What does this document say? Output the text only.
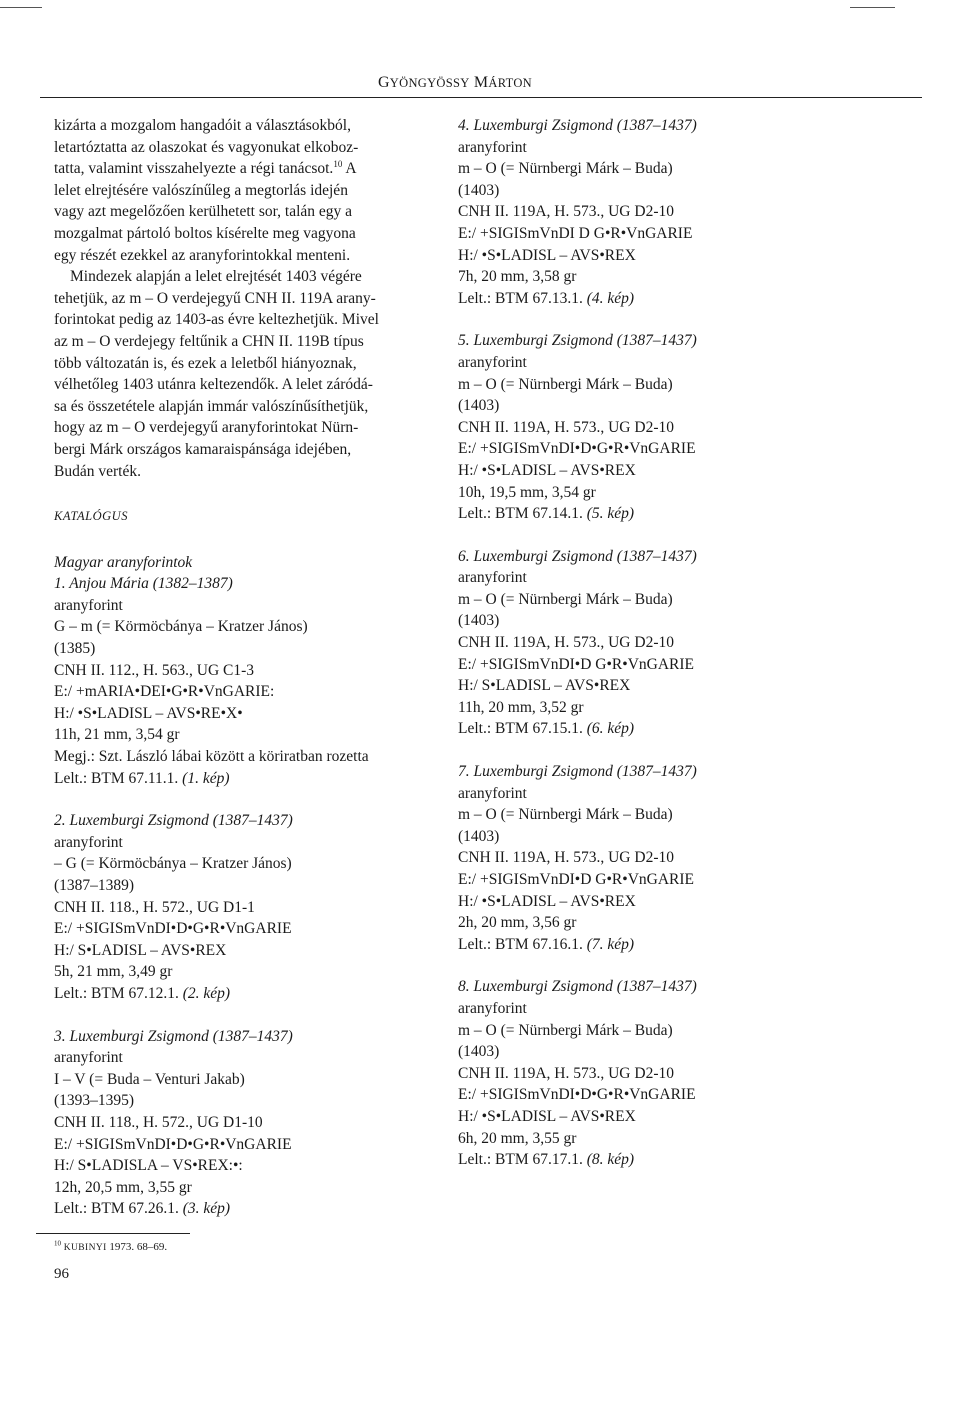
GYÖNGYÖSSY MÁRTON
kizárta a mozgalom hangadóit a választásokból,
letartóztatta az olaszokat és vagyonukat elkoboz-
tatta, valamint visszahelyezte a régi tanácsot.$^{10}$ A
lelet elrejtésére valószínűleg a megtorlás idején
vagy azt megelőzően kerülhetett sor, talán egy a
mozgalmat pártoló boltos kísérelte meg vagyona
egy részét ezekkel az aranyforintokkal menteni.
Mindezek alapján a lelet elrejtését 1403 végére
tehetjük, az m – O verdejegyű CNH II. 119A arany-
forintokat pedig az 1403-as évre keltezhetjük. Mivel
az m – O verdejegy feltűnik a CHN II. 119B típus
több változatán is, és ezek a leletből hiányoznak,
vélhetőleg 1403 utánra keltezendők. A lelet záródá-
sa és összetétele alapján immár valószínűsíthetjük,
hogy az m – O verdejegyű aranyforintokat Nürn-
bergi Márk országos kamaraispánsága idejében,
Budán verték.
KATALÓGUS
Magyar aranyforintok
1. Anjou Mária (1382–1387)
aranyforint
G – m (= Körmöcbánya – Kratzer János)
(1385)
CNH II. 112., H. 563., UG C1-3
E:/ +mARIA•DEI•G•R•VnGARIE:
H:/ •S•LADISL – AVS•RE•X•
11h, 21 mm, 3,54 gr
Megj.: Szt. László lábai között a köriratban rozetta
Lelt.: BTM 67.11.1. (1. kép)
2. Luxemburgi Zsigmond (1387–1437)
aranyforint
– G (= Körmöcbánya – Kratzer János)
(1387–1389)
CNH II. 118., H. 572., UG D1-1
E:/ +SIGISmVnDI•D•G•R•VnGARIE
H:/ S•LADISL – AVS•REX
5h, 21 mm, 3,49 gr
Lelt.: BTM 67.12.1. (2. kép)
3. Luxemburgi Zsigmond (1387–1437)
aranyforint
I – V (= Buda – Venturi Jakab)
(1393–1395)
CNH II. 118., H. 572., UG D1-10
E:/ +SIGISmVnDI•D•G•R•VnGARIE
H:/ S•LADISLA – VS•REX:•:
12h, 20,5 mm, 3,55 gr
Lelt.: BTM 67.26.1. (3. kép)
4. Luxemburgi Zsigmond (1387–1437)
aranyforint
m – O (= Nürnbergi Márk – Buda)
(1403)
CNH II. 119A, H. 573., UG D2-10
E:/ +SIGISmVnDI D G•R•VnGARIE
H:/ •S•LADISL – AVS•REX
7h, 20 mm, 3,58 gr
Lelt.: BTM 67.13.1. (4. kép)
5. Luxemburgi Zsigmond (1387–1437)
aranyforint
m – O (= Nürnbergi Márk – Buda)
(1403)
CNH II. 119A, H. 573., UG D2-10
E:/ +SIGISmVnDI•D•G•R•VnGARIE
H:/ •S•LADISL – AVS•REX
10h, 19,5 mm, 3,54 gr
Lelt.: BTM 67.14.1. (5. kép)
6. Luxemburgi Zsigmond (1387–1437)
aranyforint
m – O (= Nürnbergi Márk – Buda)
(1403)
CNH II. 119A, H. 573., UG D2-10
E:/ +SIGISmVnDI•D G•R•VnGARIE
H:/ S•LADISL – AVS•REX
11h, 20 mm, 3,52 gr
Lelt.: BTM 67.15.1. (6. kép)
7. Luxemburgi Zsigmond (1387–1437)
aranyforint
m – O (= Nürnbergi Márk – Buda)
(1403)
CNH II. 119A, H. 573., UG D2-10
E:/ +SIGISmVnDI•D G•R•VnGARIE
H:/ •S•LADISL – AVS•REX
2h, 20 mm, 3,56 gr
Lelt.: BTM 67.16.1. (7. kép)
8. Luxemburgi Zsigmond (1387–1437)
aranyforint
m – O (= Nürnbergi Márk – Buda)
(1403)
CNH II. 119A, H. 573., UG D2-10
E:/ +SIGISmVnDI•D•G•R•VnGARIE
H:/ •S•LADISL – AVS•REX
6h, 20 mm, 3,55 gr
Lelt.: BTM 67.17.1. (8. kép)
$^{10}$ KUBINYI 1973. 68–69.
96
